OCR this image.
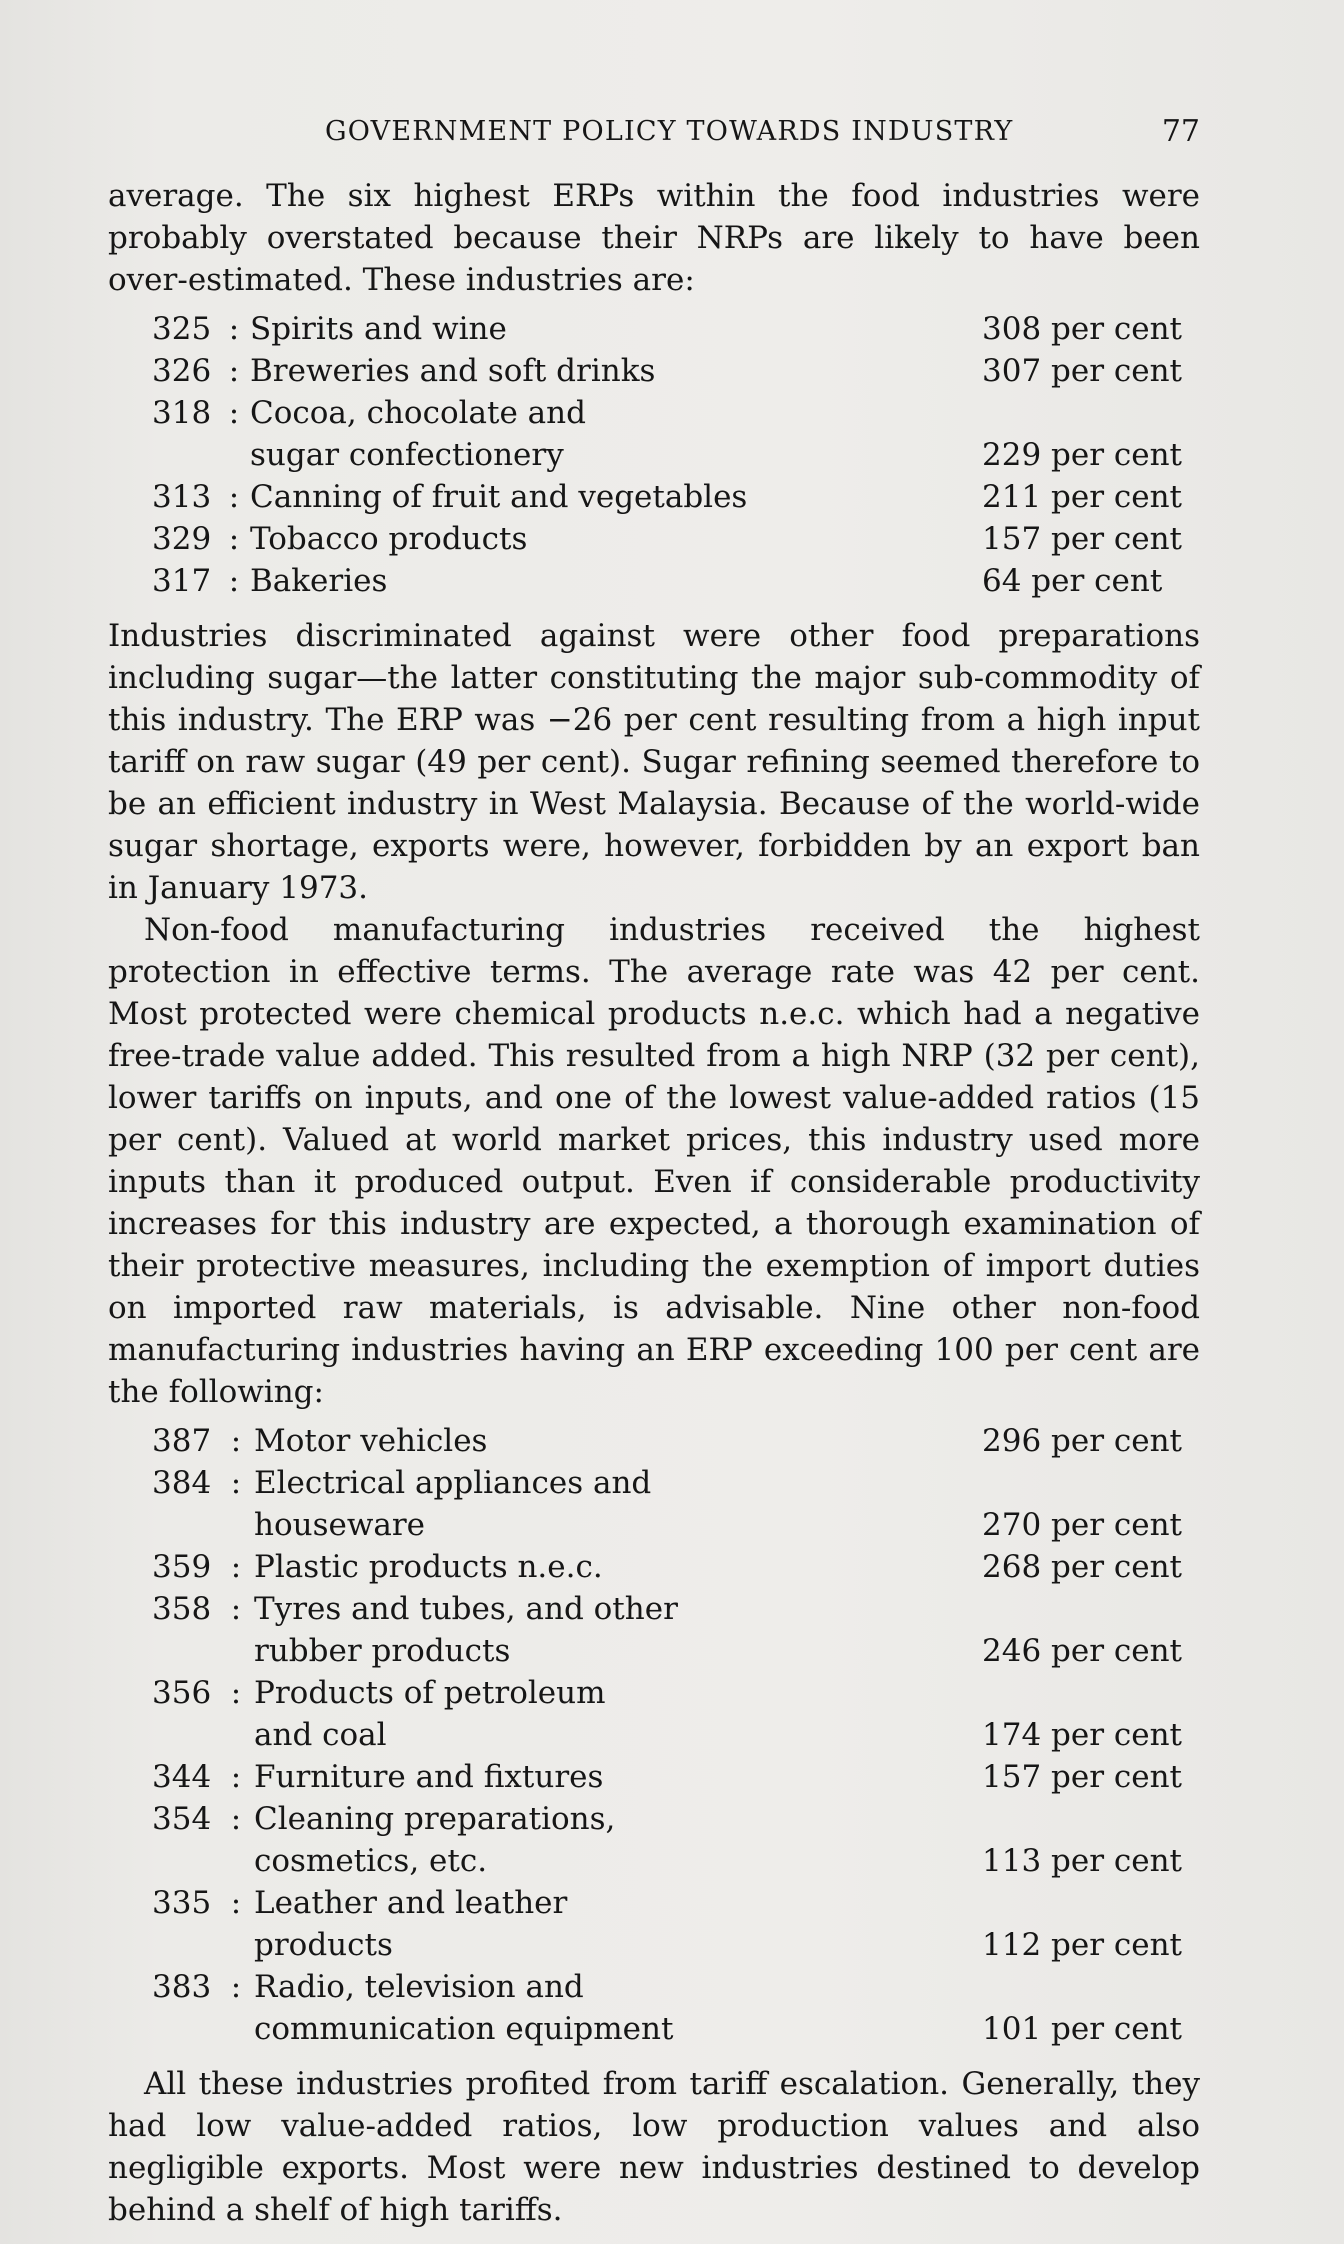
GOVERNMENT POLICY TOWARDS INDUSTRY	77

average. The six highest ERPs within the food industries were probably overstated because their NRPs are likely to have been over-estimated. These industries are:

325 : Spirits and wine	308 per cent
326 : Breweries and soft drinks	307 per cent
318 : Cocoa, chocolate and
sugar confectionery	229 per cent
313 : Canning of fruit and vegetables	211 per cent
329 : Tobacco products	157 per cent
317 : Bakeries	64 per cent

Industries discriminated against were other food preparations including sugar—the latter constituting the major sub-commodity of this industry. The ERP was −26 per cent resulting from a high input tariff on raw sugar (49 per cent). Sugar refining seemed therefore to be an efficient industry in West Malaysia. Because of the world-wide sugar shortage, exports were, however, forbidden by an export ban in January 1973.

Non-food manufacturing industries received the highest protection in effective terms. The average rate was 42 per cent. Most protected were chemical products n.e.c. which had a negative free-trade value added. This resulted from a high NRP (32 per cent), lower tariffs on inputs, and one of the lowest value-added ratios (15 per cent). Valued at world market prices, this industry used more inputs than it produced output. Even if considerable productivity increases for this industry are expected, a thorough examination of their protective measures, including the exemption of import duties on imported raw materials, is advisable. Nine other non-food manufacturing industries having an ERP exceeding 100 per cent are the following:

387 : Motor vehicles	296 per cent
384 : Electrical appliances and
houseware	270 per cent
359 : Plastic products n.e.c.	268 per cent
358 : Tyres and tubes, and other
rubber products	246 per cent
356 : Products of petroleum
and coal	174 per cent
344 : Furniture and fixtures	157 per cent
354 : Cleaning preparations,
cosmetics, etc.	113 per cent
335 : Leather and leather
products	112 per cent
383 : Radio, television and
communication equipment	101 per cent

All these industries profited from tariff escalation. Generally, they had low value-added ratios, low production values and also negligible exports. Most were new industries destined to develop behind a shelf of high tariffs.
